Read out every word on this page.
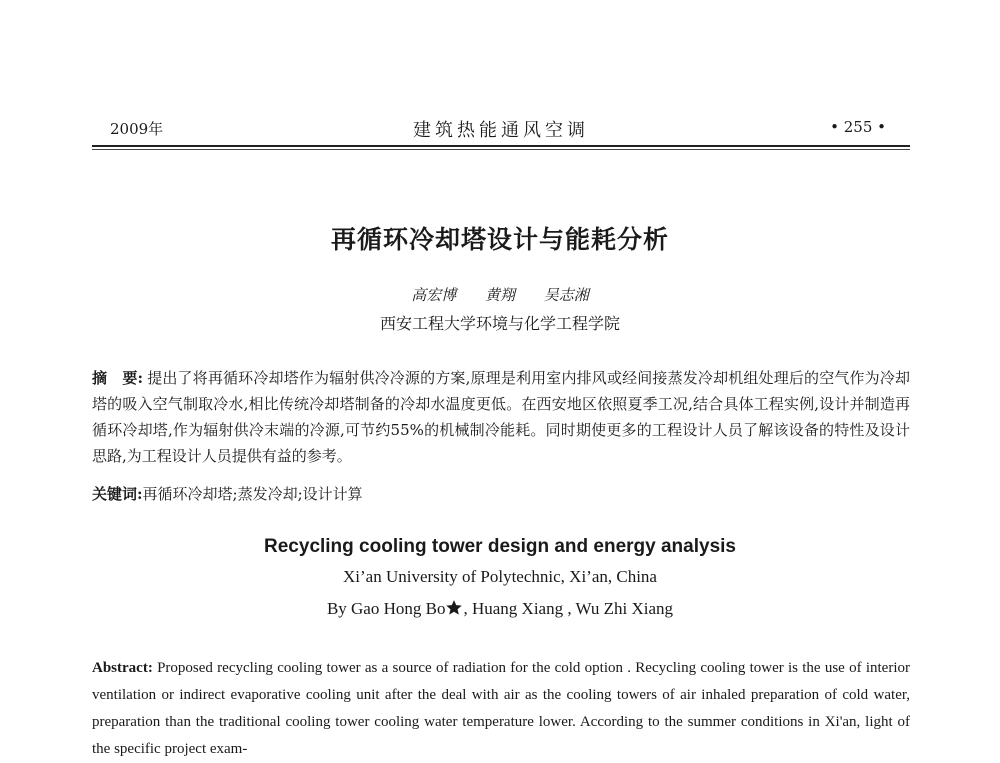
2009年	建筑热能通风空调	• 255 •
再循环冷却塔设计与能耗分析
高宏博 黄翔 吴志湘
西安工程大学环境与化学工程学院
摘　要: 提出了将再循环冷却塔作为辐射供冷冷源的方案,原理是利用室内排风或经间接蒸发冷却机组处理后的空气作为冷却塔的吸入空气制取冷水,相比传统冷却塔制备的冷却水温度更低。在西安地区依照夏季工况,结合具体工程实例,设计并制造再循环冷却塔,作为辐射供冷末端的冷源,可节约55%的机械制冷能耗。同时期使更多的工程设计人员了解该设备的特性及设计思路,为工程设计人员提供有益的参考。
关键词:再循环冷却塔;蒸发冷却;设计计算
Recycling cooling tower design and energy analysis
Xi’an University of Polytechnic, Xi’an, China
By Gao Hong Bo , Huang Xiang , Wu Zhi Xiang
Abstract: Proposed recycling cooling tower as a source of radiation for the cold option . Recycling cooling tower is the use of interior ventilation or indirect evaporative cooling unit after the deal with air as the cooling towers of air inhaled preparation of cold water, preparation than the traditional cooling tower cooling water temperature lower. According to the summer conditions in Xi'an, light of the specific project exam-
